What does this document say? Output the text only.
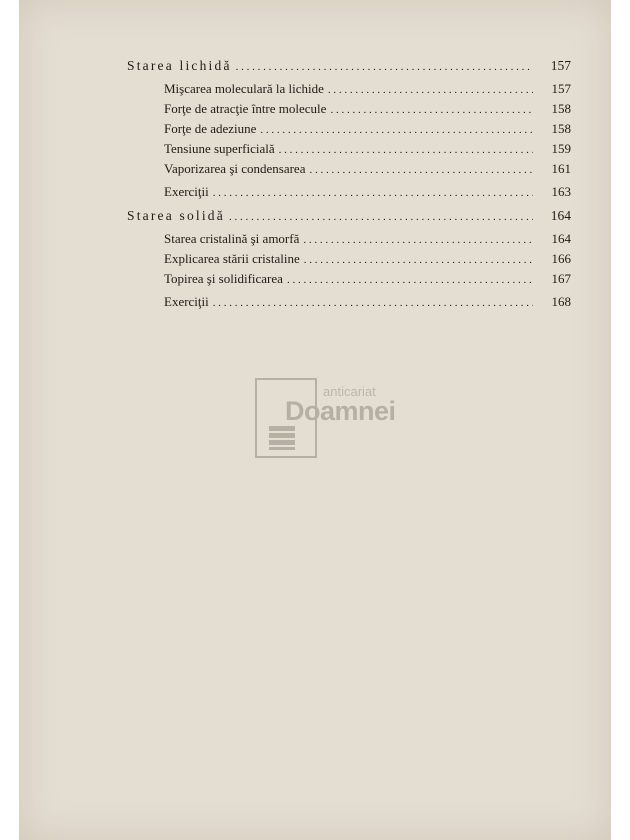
Starea lichidă . . .	157
Mişcarea moleculară la lichide . . .	157
Forţe de atracţie între molecule . . .	158
Forţe de adeziune . . .	158
Tensiune superficială . . .	159
Vaporizarea şi condensarea . . .	161
Exerciţii . . .	163
Starea solidă . . .	164
Starea cristalină şi amorfă . . .	164
Explicarea stării cristaline . . .	166
Topirea şi solidificarea . . .	167
Exerciţii . . .	168
anticariat
Doamnei
